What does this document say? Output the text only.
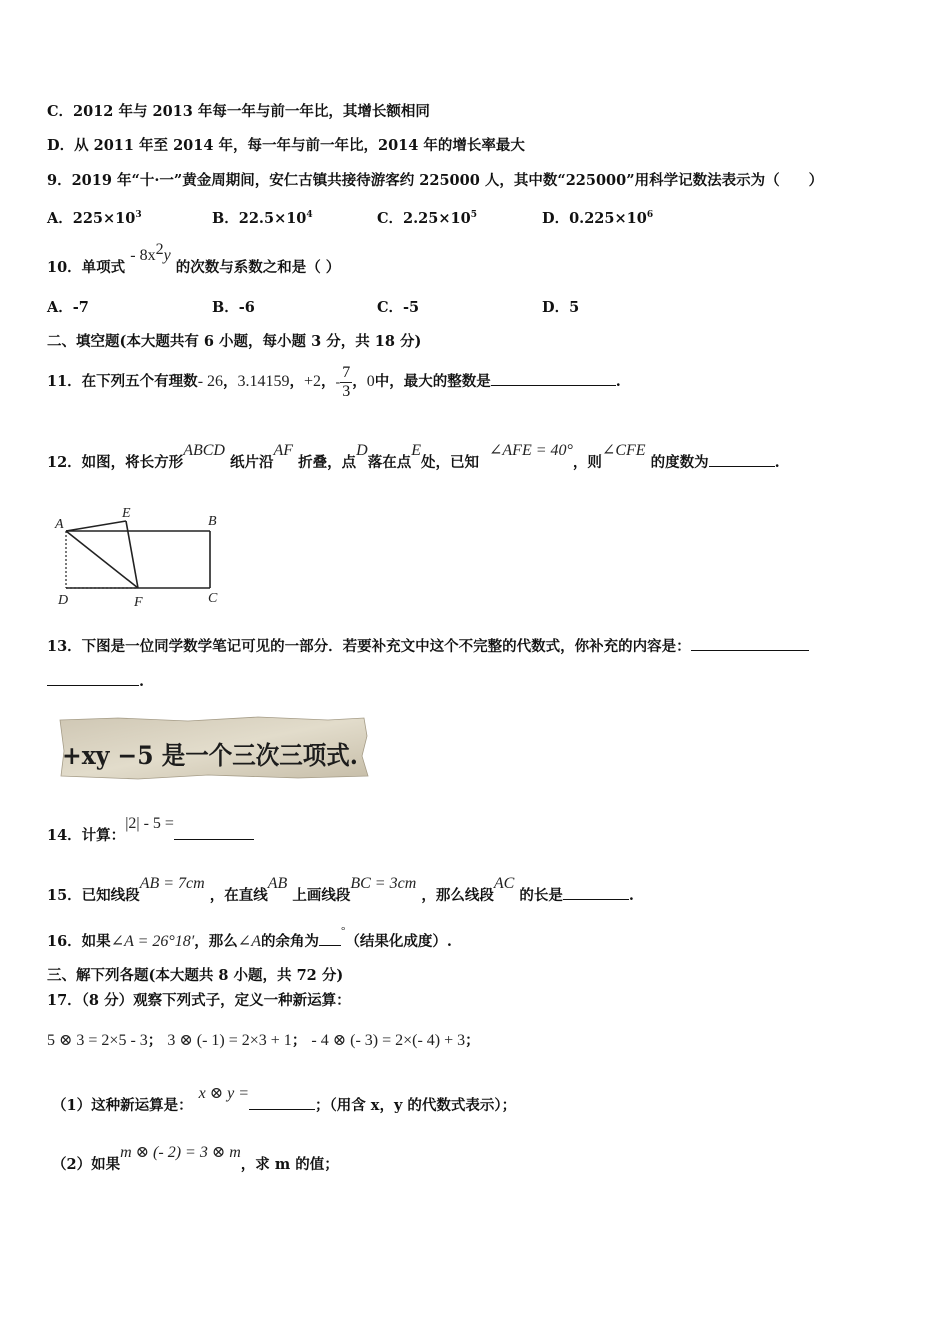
C．2012 年与 2013 年每一年与前一年比，其增长额相同
D．从 2011 年至 2014 年，每一年与前一年比，2014 年的增长率最大
9．2019 年“十·一”黄金周期间，安仁古镇共接待游客约 225000 人，其中数“225000”用科学记数法表示为（　　）
A．$225\times 10^3$	B．$22.5\times 10^4$	C．$2.25\times 10^5$	D．$0.225\times 10^6$
10．单项式 - $8x^2y$ 的次数与系数之和是（ ）
A．-7	B．-6	C．-5	D．5
二、填空题(本大题共有 6 小题，每小题 3 分，共 18 分)
11．在下列五个有理数- 26，3.14159，+2，- $\frac{7}{3}$ ，0中，最大的整数是	.
12．如图，将长方形ABCD 纸片沿AF 折叠，点D落在点E处，已知∠AFE = 40°，则∠CFE 的度数为	.
A
E
B
D	F	C
13．下图是一位同学数学笔记可见的一部分．若要补充文中这个不完整的代数式，你补充的内容是：
.
+xy −5 是一个三次三项式.
14．计算：|2| - 5 =
15．已知线段AB = 7cm ，在直线AB 上画线段BC = 3cm ，那么线段AC 的长是	.
16．如果∠A = 26°18′，那么∠A的余角为°（结果化成度）.
三、解下列各题(本大题共 8 小题，共 72 分)
17．（8 分）观察下列式子，定义一种新运算：
5 ⊗ 3 = 2×5 - 3； 3 ⊗ (- 1) = 2×3 + 1； - 4 ⊗ (- 3) = 2×(- 4) + 3；
（1）这种新运算是：x ⊗ y =；（用含 x，y 的代数式表示）；
（2）如果m ⊗ (- 2) = 3 ⊗ m，求 m 的值；
